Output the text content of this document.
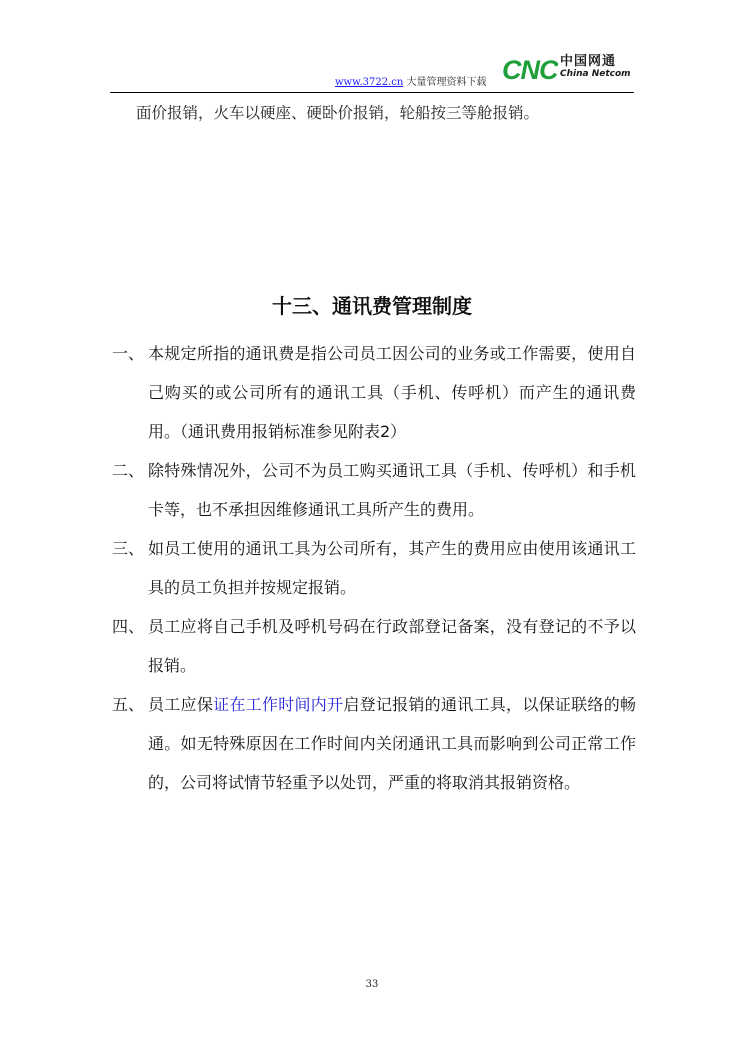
www.3722.cn 大量管理资料下载 CNC 中国网通
China Netcom
面价报销，火车以硬座、硬卧价报销，轮船按三等舱报销。
十三、通讯费管理制度
一、 本规定所指的通讯费是指公司员工因公司的业务或工作需要，使用自己购买的或公司所有的通讯工具（手机、传呼机）而产生的通讯费用。（通讯费用报销标准参见附表2）
二、 除特殊情况外，公司不为员工购买通讯工具（手机、传呼机）和手机卡等，也不承担因维修通讯工具所产生的费用。
三、 如员工使用的通讯工具为公司所有，其产生的费用应由使用该通讯工具的员工负担并按规定报销。
四、 员工应将自己手机及呼机号码在行政部登记备案，没有登记的不予以报销。
五、 员工应保证在工作时间内开启登记报销的通讯工具，以保证联络的畅通。如无特殊原因在工作时间内关闭通讯工具而影响到公司正常工作的，公司将试情节轻重予以处罚，严重的将取消其报销资格。
33
